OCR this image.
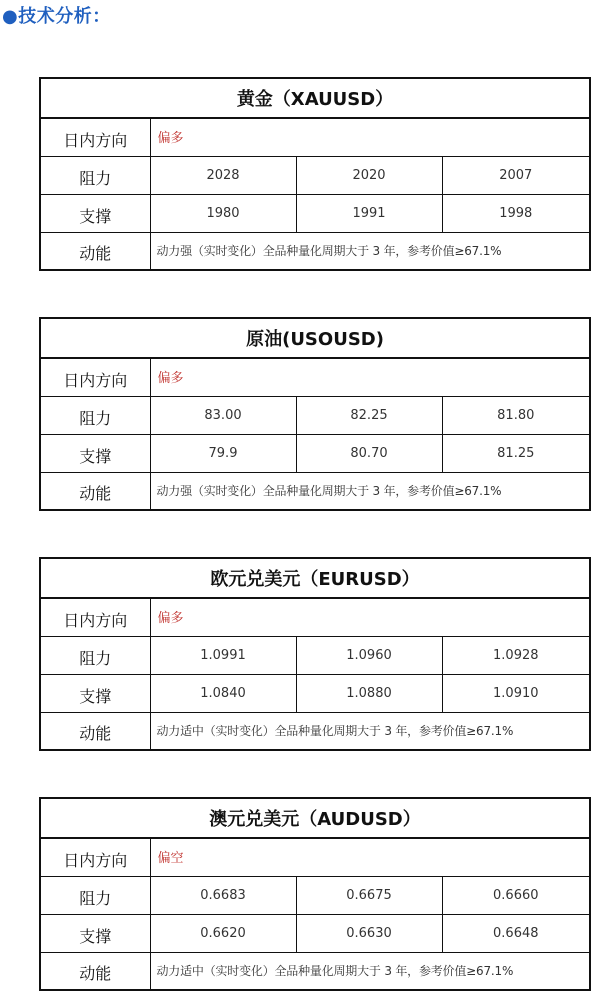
●技术分析：
黄金（XAUUSD）			
日内方向	偏多		
阻力	2028	2020	2007
支撑	1980	1991	1998
动能	动力强（实时变化）全品种量化周期大于 3 年，参考价值≥67.1%		
原油(USOUSD)			
日内方向	偏多		
阻力	83.00	82.25	81.80
支撑	79.9	80.70	81.25
动能	动力强（实时变化）全品种量化周期大于 3 年，参考价值≥67.1%		
欧元兑美元（EURUSD）			
日内方向	偏多		
阻力	1.0991	1.0960	1.0928
支撑	1.0840	1.0880	1.0910
动能	动力适中（实时变化）全品种量化周期大于 3 年，参考价值≥67.1%		
澳元兑美元（AUDUSD）			
日内方向	偏空		
阻力	0.6683	0.6675	0.6660
支撑	0.6620	0.6630	0.6648
动能	动力适中（实时变化）全品种量化周期大于 3 年，参考价值≥67.1%		
